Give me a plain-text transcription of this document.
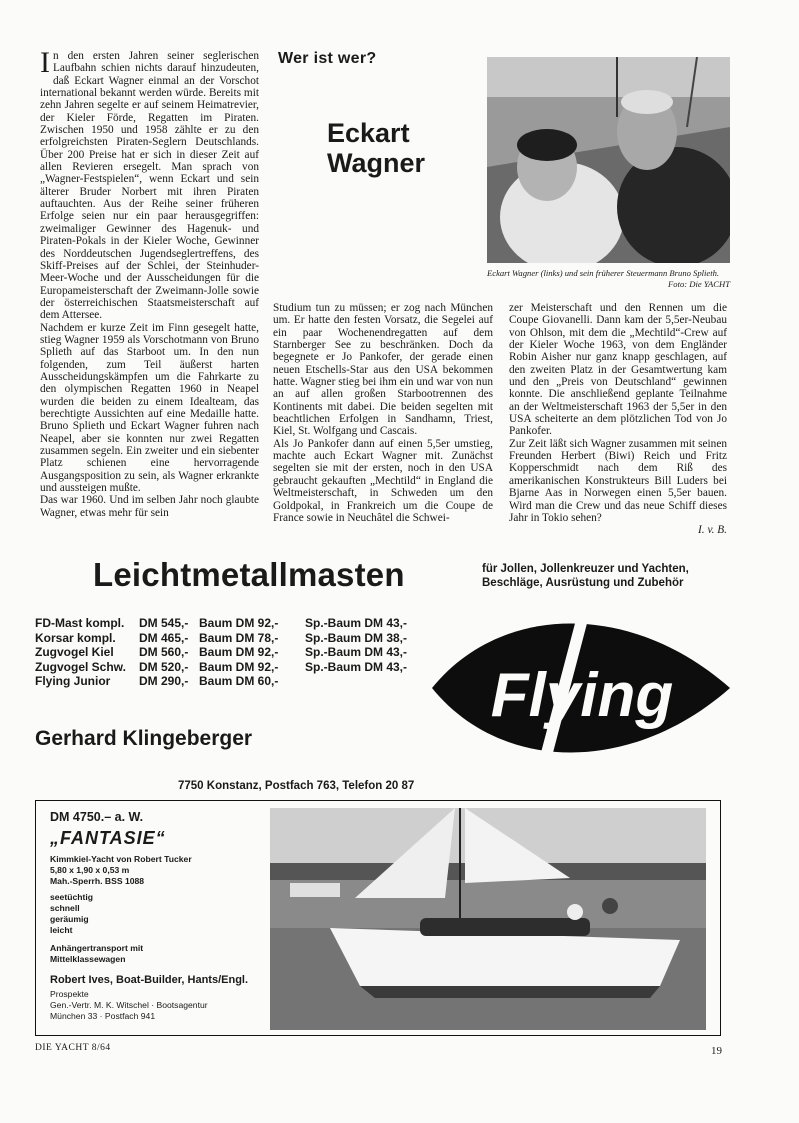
In den ersten Jahren seiner seglerischen Laufbahn schien nichts darauf hinzudeuten, daß Eckart Wagner einmal an der Vorschot international bekannt werden würde. Bereits mit zehn Jahren segelte er auf seinem Heimatrevier, der Kieler Förde, Regatten im Piraten. Zwischen 1950 und 1958 zählte er zu den erfolgreichsten Piraten-Seglern Deutschlands. Über 200 Preise hat er sich in dieser Zeit auf allen Revieren ersegelt. Man sprach von „Wagner-Festspielen“, wenn Eckart und sein älterer Bruder Norbert mit ihren Piraten auftauchten. Aus der Reihe seiner früheren Erfolge seien nur ein paar herausgegriffen: zweimaliger Gewinner des Hagenuk- und Piraten-Pokals in der Kieler Woche, Gewinner des Norddeutschen Jugendseglertreffens, des Skiff-Preises auf der Schlei, der Steinhuder-Meer-Woche und der Ausscheidungen für die Europameisterschaft der Zweimann-Jolle sowie der österreichischen Staatsmeisterschaft auf dem Attersee.

Nachdem er kurze Zeit im Finn gesegelt hatte, stieg Wagner 1959 als Vorschotmann von Bruno Splieth auf das Starboot um. In den nun folgenden, zum Teil äußerst harten Ausscheidungskämpfen um die Fahrkarte zu den olympischen Regatten 1960 in Neapel wurden die beiden zu einem Idealteam, das berechtigte Aussichten auf eine Medaille hatte. Bruno Splieth und Eckart Wagner fuhren nach Neapel, aber sie konnten nur zwei Regatten zusammen segeln. Ein zweiter und ein siebenter Platz schienen eine hervorragende Ausgangsposition zu sein, als Wagner erkrankte und aussteigen mußte.

Das war 1960. Und im selben Jahr noch glaubte Wagner, etwas mehr für sein

Wer ist wer?
Eckart
Wagner
Eckart Wagner (links) und sein früherer Steuermann Bruno Splieth.
Foto: Die YACHT

Studium tun zu müssen; er zog nach München um. Er hatte den festen Vorsatz, die Segelei auf ein paar Wochenendregatten auf dem Starnberger See zu beschränken. Doch da begegnete er Jo Pankofer, der gerade einen neuen Etschells-Star aus den USA bekommen hatte. Wagner stieg bei ihm ein und war von nun an auf allen großen Starbootrennen des Kontinents mit dabei. Die beiden segelten mit beachtlichen Erfolgen in Sandhamn, Triest, Kiel, St. Wolfgang und Cascais.

Als Jo Pankofer dann auf einen 5,5er umstieg, machte auch Eckart Wagner mit. Zunächst segelten sie mit der ersten, noch in den USA gebraucht gekauften „Mechtild“ in England die Weltmeisterschaft, in Schweden um den Goldpokal, in Frankreich um die Coupe de France sowie in Neuchâtel die Schwei-

zer Meisterschaft und den Rennen um die Coupe Giovanelli. Dann kam der 5,5er-Neubau von Ohlson, mit dem die „Mechtild“-Crew auf der Kieler Woche 1963, von dem Engländer Robin Aisher nur ganz knapp geschlagen, auf den zweiten Platz in der Gesamtwertung kam und den „Preis von Deutschland“ gewinnen konnte. Die anschließend geplante Teilnahme an der Weltmeisterschaft 1963 der 5,5er in den USA scheiterte an dem plötzlichen Tod von Jo Pankofer.

Zur Zeit läßt sich Wagner zusammen mit seinen Freunden Herbert (Biwi) Reich und Fritz Kopperschmidt nach dem Riß des amerikanischen Konstrukteurs Bill Luders bei Bjarne Aas in Norwegen einen 5,5er bauen. Wird man die Crew und das neue Schiff dieses Jahr in Tokio sehen?

I. v. B.

Leichtmetallmasten	für Jollen, Jollenkreuzer und Yachten,
Beschläge, Ausrüstung und Zubehör
FD-Mast kompl.	DM 545,-	Baum DM 92,-	Sp.-Baum DM 43,-
Korsar kompl.	DM 465,-	Baum DM 78,-	Sp.-Baum DM 38,-
Zugvogel Kiel	DM 560,-	Baum DM 92,-	Sp.-Baum DM 43,-
Zugvogel Schw.	DM 520,-	Baum DM 92,-	Sp.-Baum DM 43,-
Flying Junior	DM 290,-	Baum DM 60,-	
Gerhard Klingeberger
Flying
7750 Konstanz, Postfach 763, Telefon 20 87
DM 4750.– a. W.
„FANTASIE“
Kimmkiel-Yacht von Robert Tucker
5,80 x 1,90 x 0,53 m
Mah.-Sperrh. BSS 1088
seetüchtig
schnell
geräumig
leicht
Anhängertransport mit
Mittelklassewagen
Robert Ives, Boat-Builder, Hants/Engl.
Prospekte
Gen.-Vertr. M. K. Witschel · Bootsagentur
München 33 · Postfach 941
DIE YACHT 8/64	19
